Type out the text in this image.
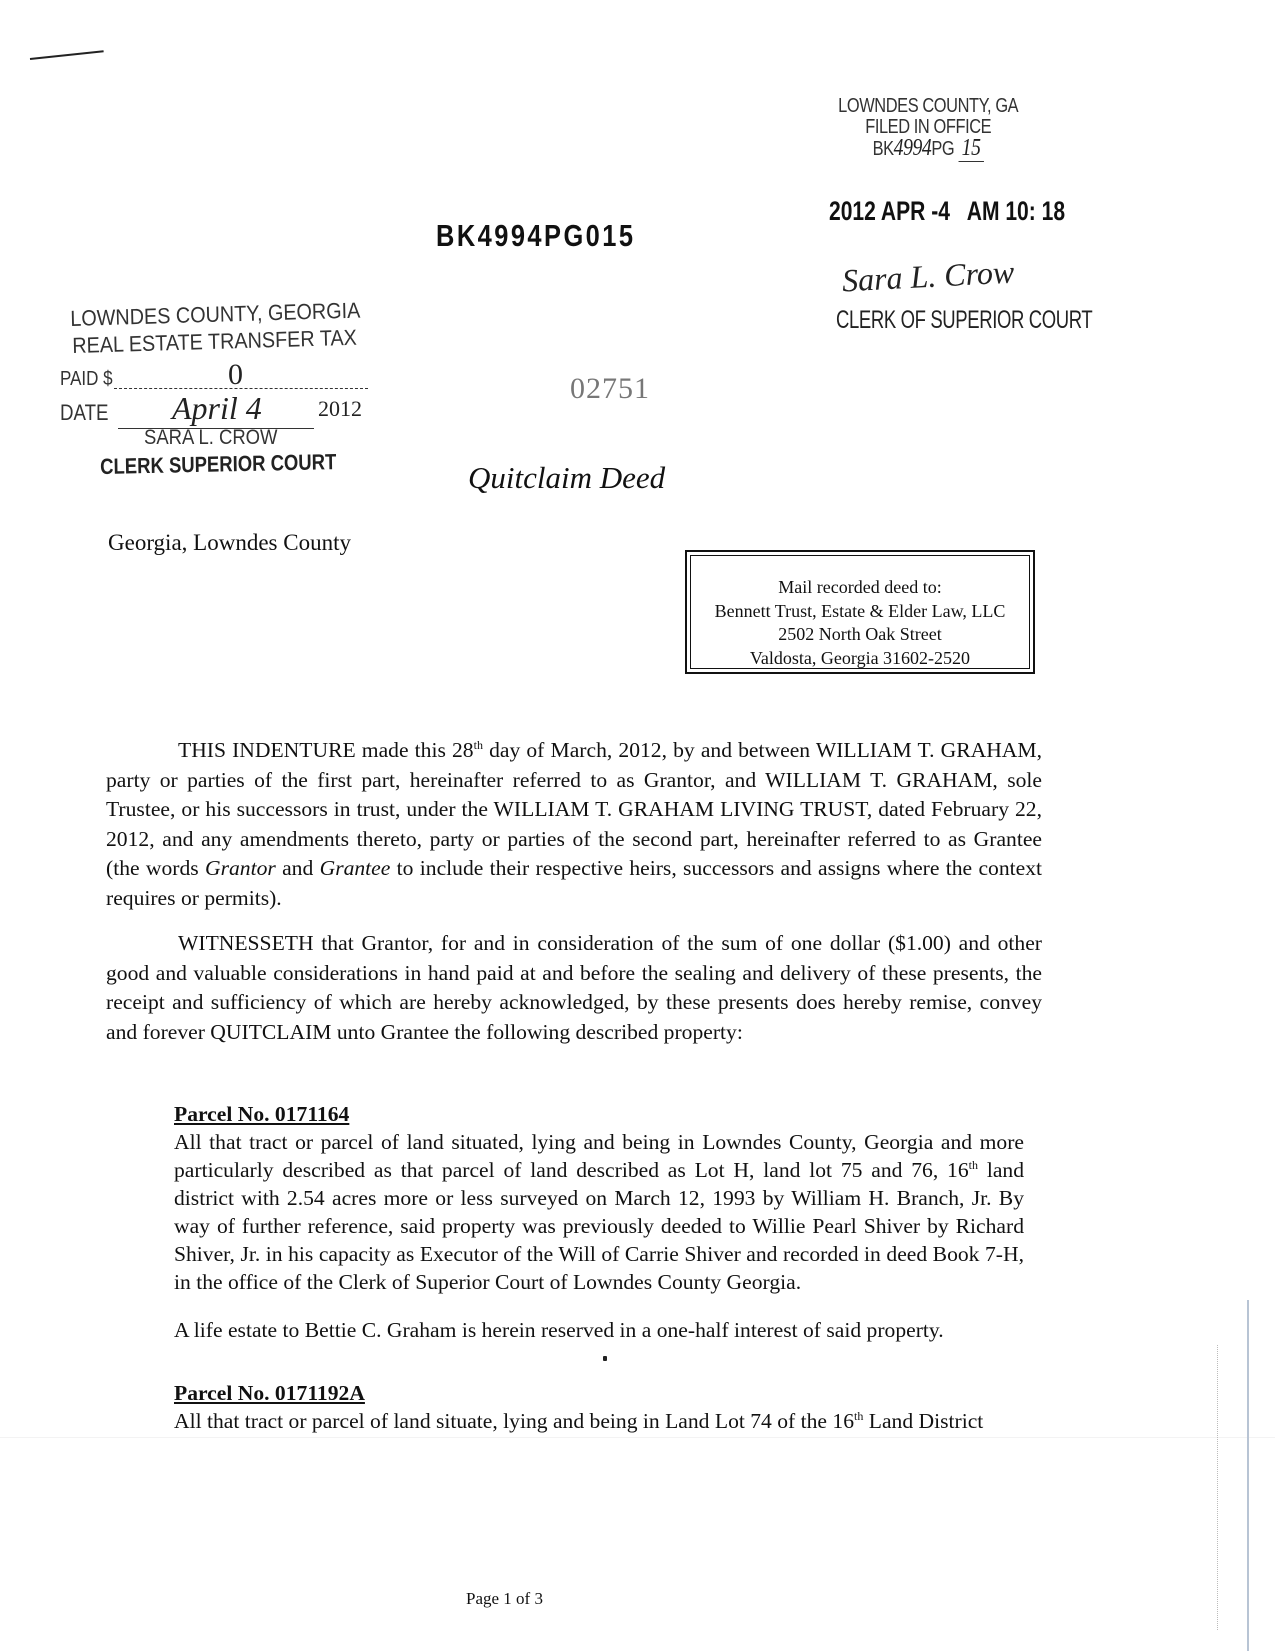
LOWNDES COUNTY, GA
FILED IN OFFICE
BK4994PG 15
2012 APR -4   AM 10: 18
Sara L. Crow
CLERK OF SUPERIOR COURT
BK4994PG015
LOWNDES COUNTY, GEORGIA
REAL ESTATE TRANSFER TAX
PAID $	0
DATE April 4	2012
SARA L. CROW
CLERK SUPERIOR COURT
02751
Quitclaim Deed
Georgia, Lowndes County
Mail recorded deed to:
Bennett Trust, Estate & Elder Law, LLC
2502 North Oak Street
Valdosta, Georgia 31602-2520
THIS INDENTURE made this 28th day of March, 2012, by and between WILLIAM T. GRAHAM, party or parties of the first part, hereinafter referred to as Grantor, and WILLIAM T. GRAHAM, sole Trustee, or his successors in trust, under the WILLIAM T. GRAHAM LIVING TRUST, dated February 22, 2012, and any amendments thereto, party or parties of the second part, hereinafter referred to as Grantee (the words Grantor and Grantee to include their respective heirs, successors and assigns where the context requires or permits).
WITNESSETH that Grantor, for and in consideration of the sum of one dollar ($1.00) and other good and valuable considerations in hand paid at and before the sealing and delivery of these presents, the receipt and sufficiency of which are hereby acknowledged, by these presents does hereby remise, convey and forever QUITCLAIM unto Grantee the following described property:
Parcel No. 0171164
All that tract or parcel of land situated, lying and being in Lowndes County, Georgia and more particularly described as that parcel of land described as Lot H, land lot 75 and 76, 16th land district with 2.54 acres more or less surveyed on March 12, 1993 by William H. Branch, Jr. By way of further reference, said property was previously deeded to Willie Pearl Shiver by Richard Shiver, Jr. in his capacity as Executor of the Will of Carrie Shiver and recorded in deed Book 7-H, in the office of the Clerk of Superior Court of Lowndes County Georgia.
A life estate to Bettie C. Graham is herein reserved in a one-half interest of said property.
Parcel No. 0171192A
All that tract or parcel of land situate, lying and being in Land Lot 74 of the 16th Land District
Page 1 of 3
